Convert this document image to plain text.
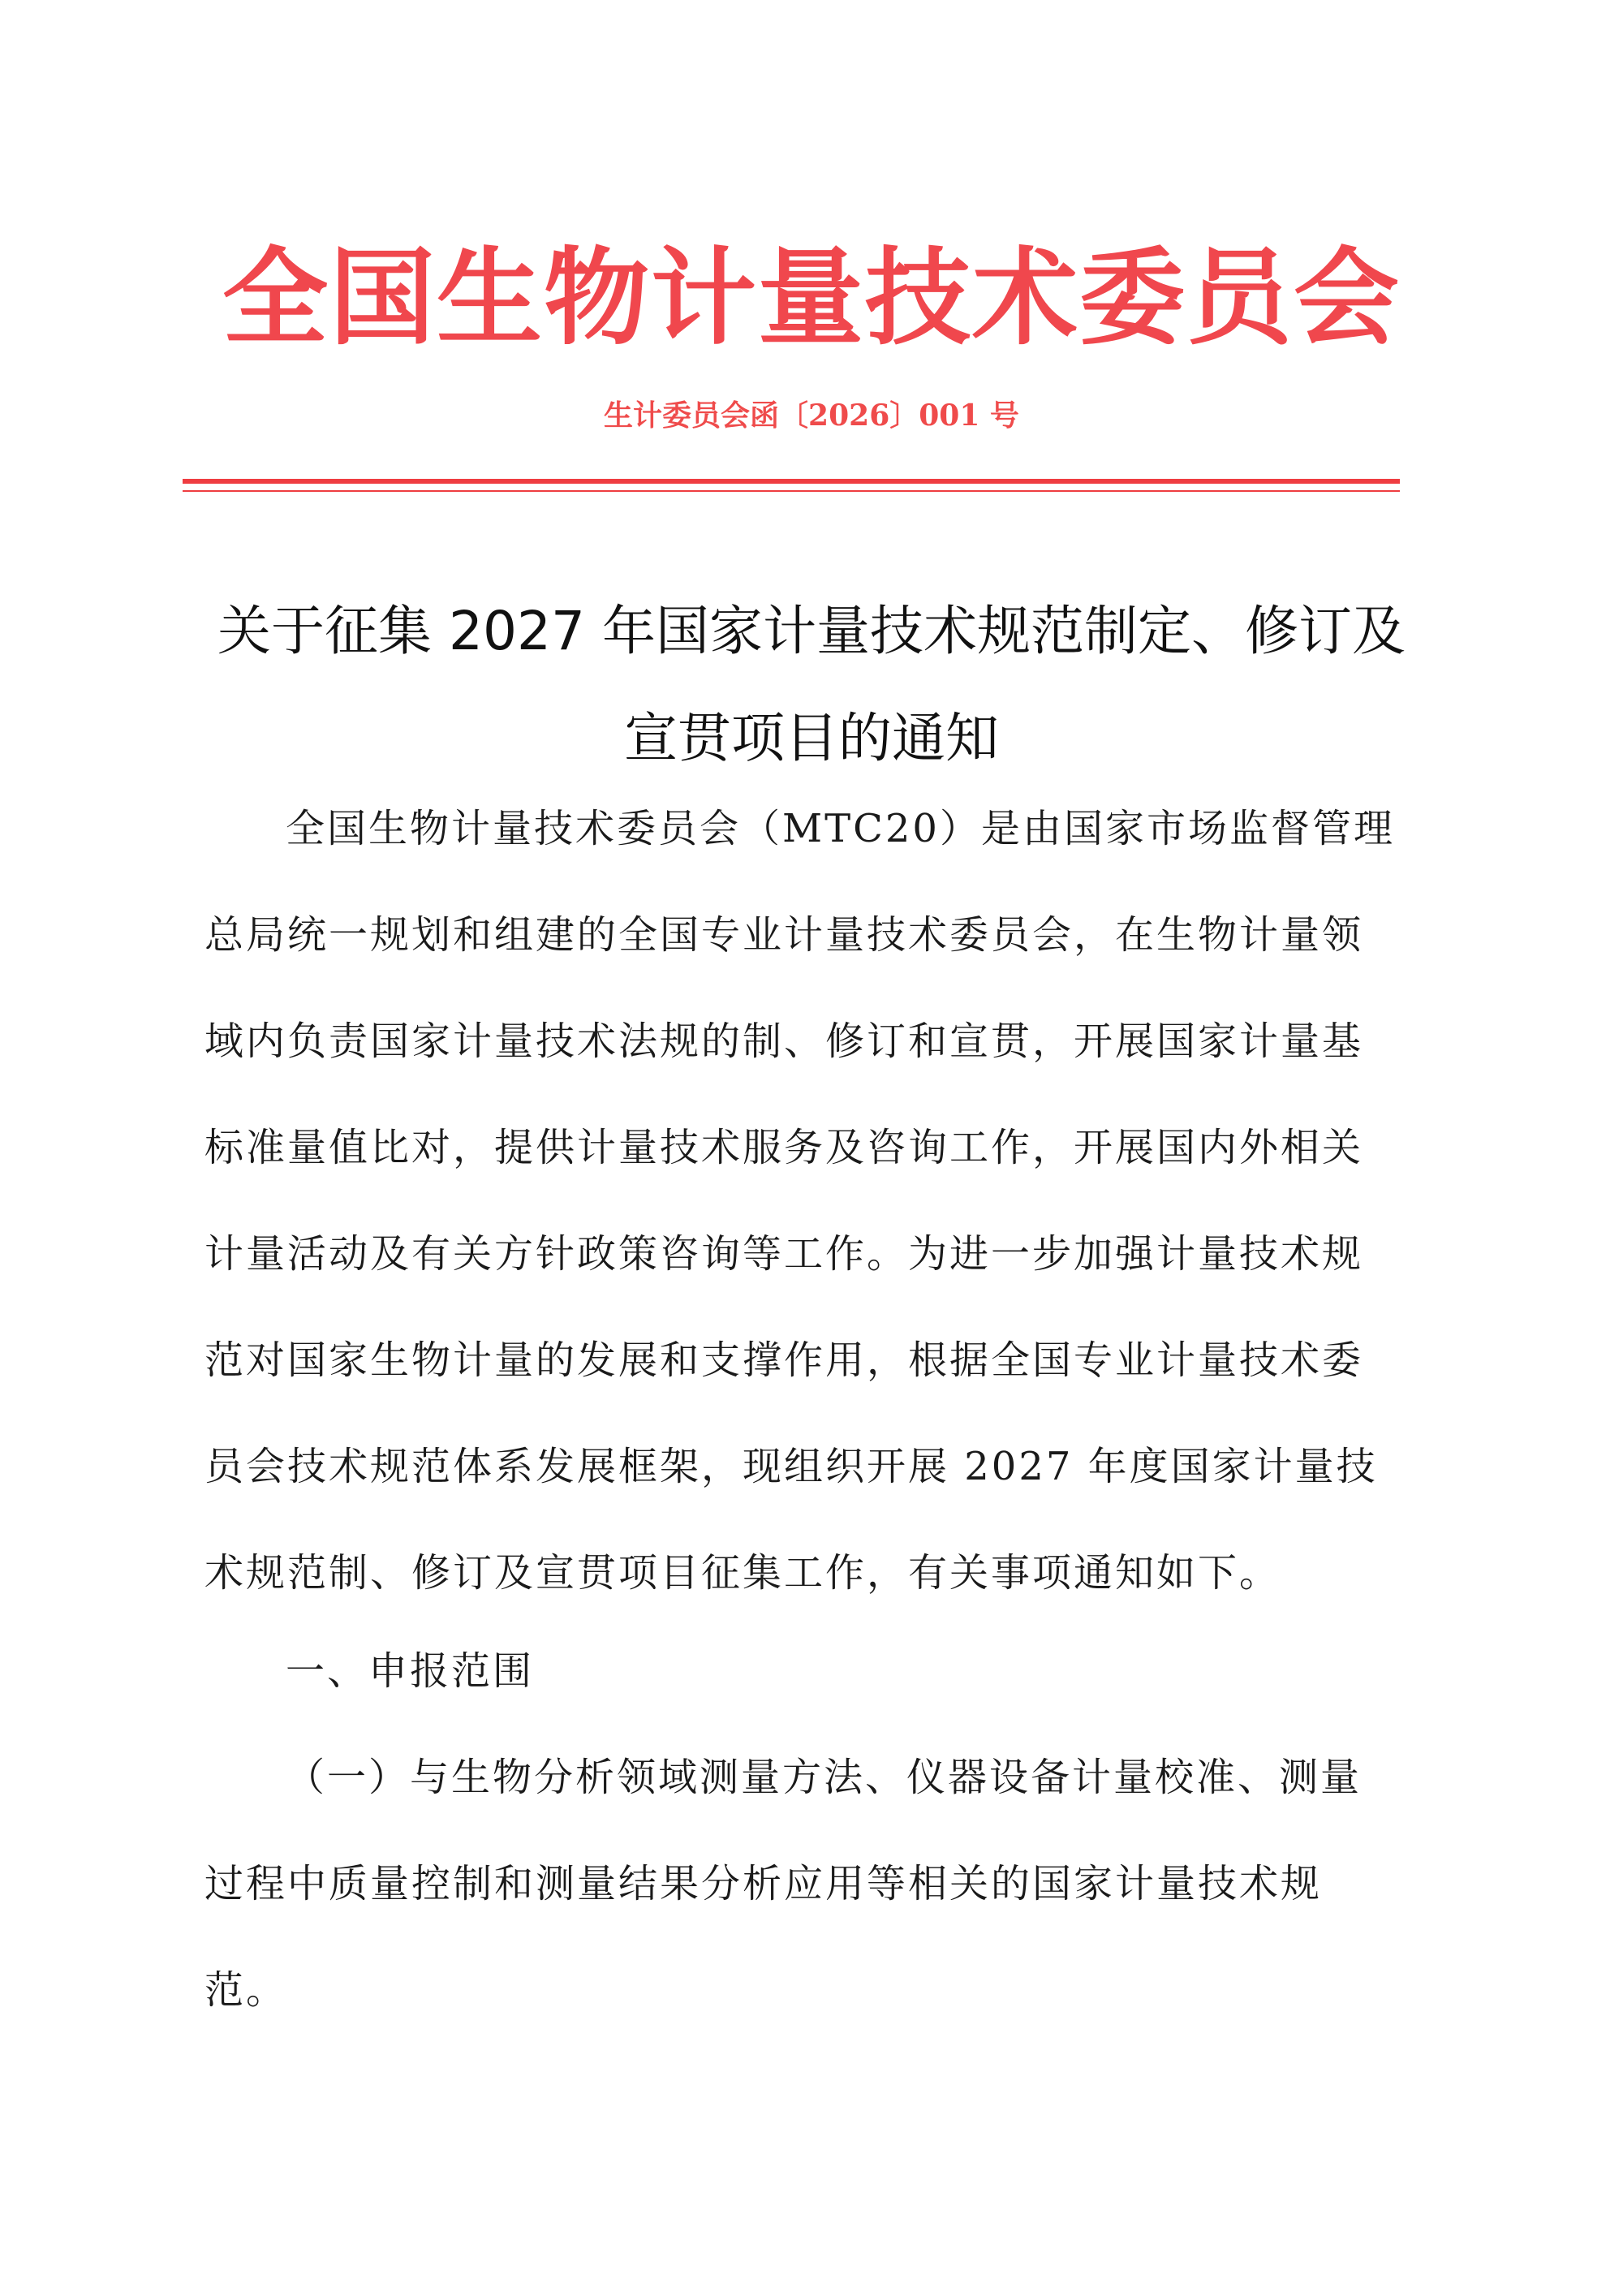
全国生物计量技术委员会
生计委员会函〔2026〕001 号
关于征集 2027 年国家计量技术规范制定、修订及
宣贯项目的通知
全国生物计量技术委员会（MTC20）是由国家市场监督管理
总局统一规划和组建的全国专业计量技术委员会，在生物计量领
域内负责国家计量技术法规的制、修订和宣贯，开展国家计量基
标准量值比对，提供计量技术服务及咨询工作，开展国内外相关
计量活动及有关方针政策咨询等工作。为进一步加强计量技术规
范对国家生物计量的发展和支撑作用，根据全国专业计量技术委
员会技术规范体系发展框架，现组织开展 2027 年度国家计量技
术规范制、修订及宣贯项目征集工作，有关事项通知如下。
一、申报范围
（一）与生物分析领域测量方法、仪器设备计量校准、测量
过程中质量控制和测量结果分析应用等相关的国家计量技术规
范。
